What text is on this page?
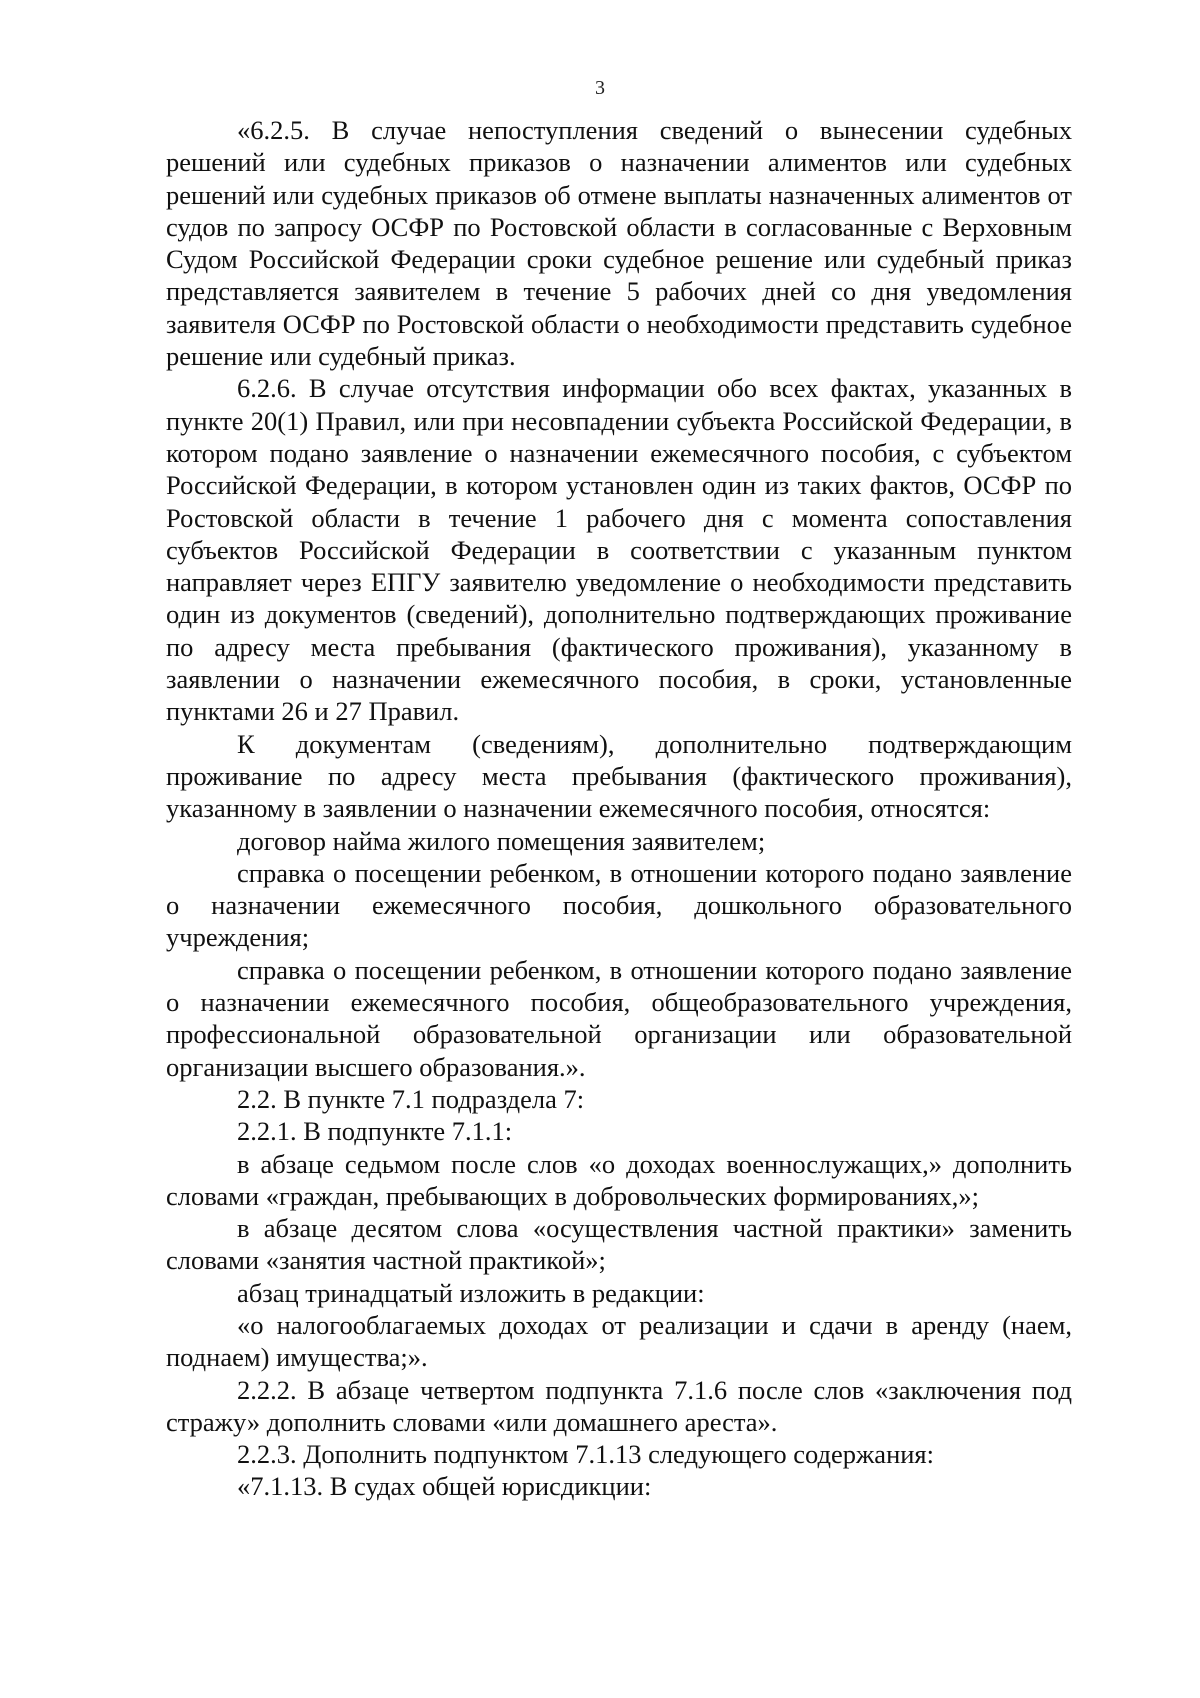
3

«6.2.5. В случае непоступления сведений о вынесении судебных решений или судебных приказов о назначении алиментов или судебных решений или судебных приказов об отмене выплаты назначенных алиментов от судов по запросу ОСФР по Ростовской области в согласованные с Верховным Судом Российской Федерации сроки судебное решение или судебный приказ представляется заявителем в течение 5 рабочих дней со дня уведомления заявителя ОСФР по Ростовской области о необходимости представить судебное решение или судебный приказ.

6.2.6. В случае отсутствия информации обо всех фактах, указанных в пункте 20(1) Правил, или при несовпадении субъекта Российской Федерации, в котором подано заявление о назначении ежемесячного пособия, с субъектом Российской Федерации, в котором установлен один из таких фактов, ОСФР по Ростовской области в течение 1 рабочего дня с момента сопоставления субъектов Российской Федерации в соответствии с указанным пунктом направляет через ЕПГУ заявителю уведомление о необходимости представить один из документов (сведений), дополнительно подтверждающих проживание по адресу места пребывания (фактического проживания), указанному в заявлении о назначении ежемесячного пособия, в сроки, установленные пунктами 26 и 27 Правил.

К документам (сведениям), дополнительно подтверждающим проживание по адресу места пребывания (фактического проживания), указанному в заявлении о назначении ежемесячного пособия, относятся:

договор найма жилого помещения заявителем;

справка о посещении ребенком, в отношении которого подано заявление о назначении ежемесячного пособия, дошкольного образовательного учреждения;

справка о посещении ребенком, в отношении которого подано заявление о назначении ежемесячного пособия, общеобразовательного учреждения, профессиональной образовательной организации или образовательной организации высшего образования.».

2.2. В пункте 7.1 подраздела 7:

2.2.1. В подпункте 7.1.1:

в абзаце седьмом после слов «о доходах военнослужащих,» дополнить словами «граждан, пребывающих в добровольческих формированиях,»;

в абзаце десятом слова «осуществления частной практики» заменить словами «занятия частной практикой»;

абзац тринадцатый изложить в редакции:

«о налогооблагаемых доходах от реализации и сдачи в аренду (наем, поднаем) имущества;».

2.2.2. В абзаце четвертом подпункта 7.1.6 после слов «заключения под стражу» дополнить словами «или домашнего ареста».

2.2.3. Дополнить подпунктом 7.1.13 следующего содержания:

«7.1.13. В судах общей юрисдикции:
